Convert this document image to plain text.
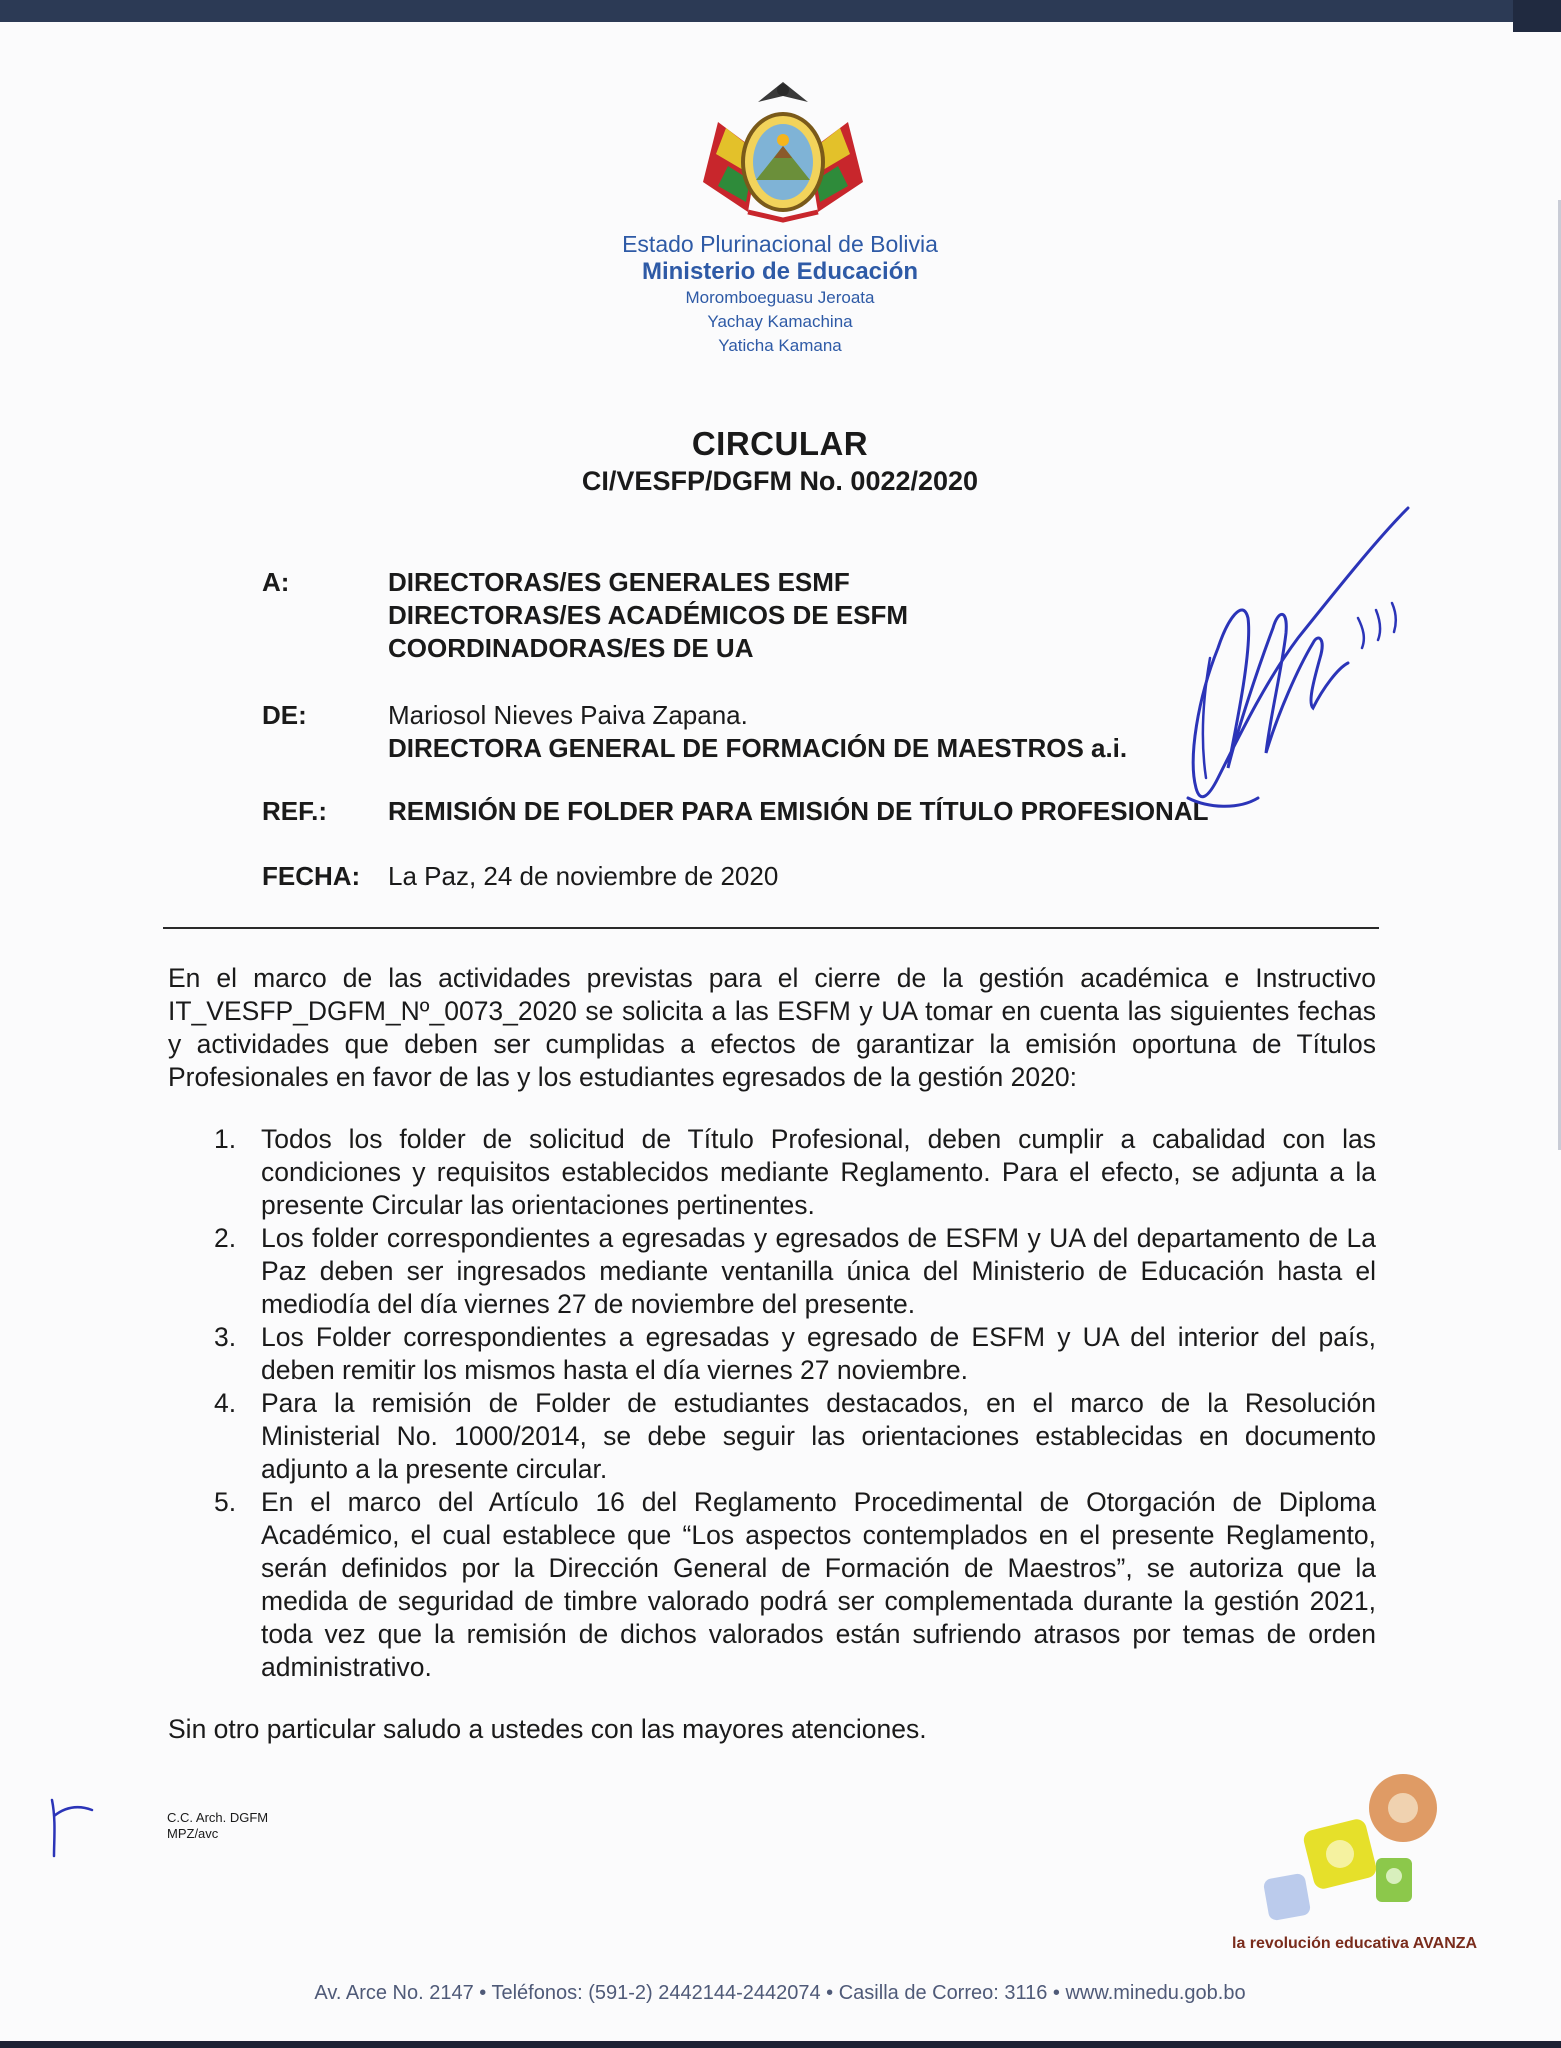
Estado Plurinacional de Bolivia
Ministerio de Educación
Moromboeguasu Jeroata
Yachay Kamachina
Yaticha Kamana
CIRCULAR
CI/VESFP/DGFM No. 0022/2020
A:	DIRECTORAS/ES GENERALES ESMF
DIRECTORAS/ES ACADÉMICOS DE ESFM
COORDINADORAS/ES DE UA
DE:	Mariosol Nieves Paiva Zapana.
DIRECTORA GENERAL DE FORMACIÓN DE MAESTROS a.i.
REF.: REMISIÓN DE FOLDER PARA EMISIÓN DE TÍTULO PROFESIONAL
FECHA: La Paz, 24 de noviembre de 2020
En el marco de las actividades previstas para el cierre de la gestión académica e Instructivo IT_VESFP_DGFM_Nº_0073_2020 se solicita a las ESFM y UA tomar en cuenta las siguientes fechas y actividades que deben ser cumplidas a efectos de garantizar la emisión oportuna de Títulos Profesionales en favor de las y los estudiantes egresados de la gestión 2020:
1. Todos los folder de solicitud de Título Profesional, deben cumplir a cabalidad con las condiciones y requisitos establecidos mediante Reglamento. Para el efecto, se adjunta a la presente Circular las orientaciones pertinentes.
2. Los folder correspondientes a egresadas y egresados de ESFM y UA del departamento de La Paz deben ser ingresados mediante ventanilla única del Ministerio de Educación hasta el mediodía del día viernes 27 de noviembre del presente.
3. Los Folder correspondientes a egresadas y egresado de ESFM y UA del interior del país, deben remitir los mismos hasta el día viernes 27 noviembre.
4. Para la remisión de Folder de estudiantes destacados, en el marco de la Resolución Ministerial No. 1000/2014, se debe seguir las orientaciones establecidas en documento adjunto a la presente circular.
5. En el marco del Artículo 16 del Reglamento Procedimental de Otorgación de Diploma Académico, el cual establece que “Los aspectos contemplados en el presente Reglamento, serán definidos por la Dirección General de Formación de Maestros”, se autoriza que la medida de seguridad de timbre valorado podrá ser complementada durante la gestión 2021, toda vez que la remisión de dichos valorados están sufriendo atrasos por temas de orden administrativo.
Sin otro particular saludo a ustedes con las mayores atenciones.
C.C. Arch. DGFM
MPZ/avc
la revolución educativa AVANZA
Av. Arce No. 2147 • Teléfonos: (591-2) 2442144-2442074 • Casilla de Correo: 3116 • www.minedu.gob.bo
